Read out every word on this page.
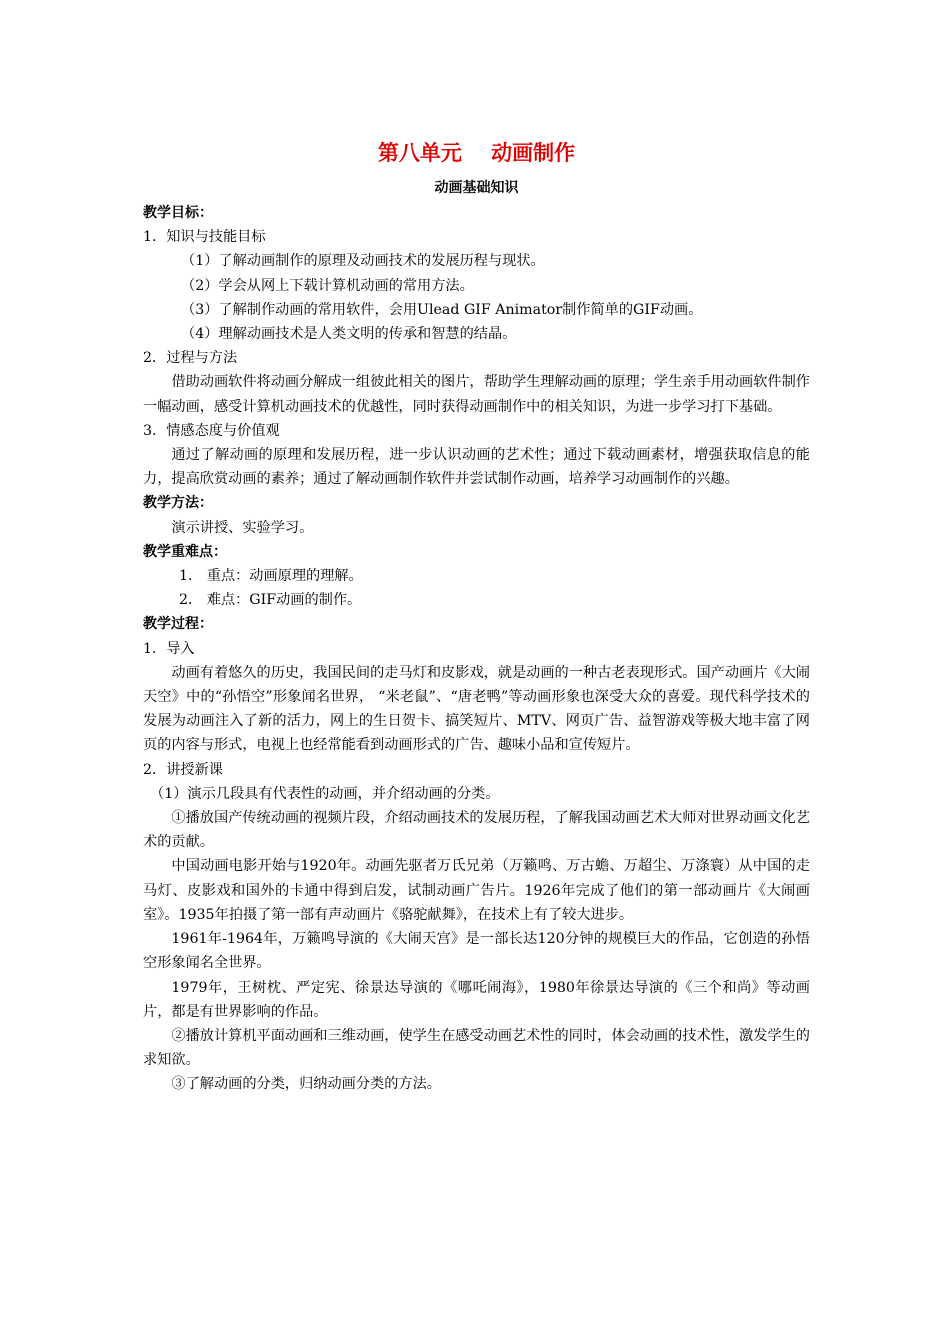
第八单元    动画制作
动画基础知识
教学目标：
1．知识与技能目标
（1）了解动画制作的原理及动画技术的发展历程与现状。
（2）学会从网上下载计算机动画的常用方法。
（3）了解制作动画的常用软件，会用Ulead GIF Animator制作简单的GIF动画。
（4）理解动画技术是人类文明的传承和智慧的结晶。
2．过程与方法
借助动画软件将动画分解成一组彼此相关的图片，帮助学生理解动画的原理；学生亲手用动画软件制作一幅动画，感受计算机动画技术的优越性，同时获得动画制作中的相关知识，为进一步学习打下基础。
3．情感态度与价值观
通过了解动画的原理和发展历程，进一步认识动画的艺术性；通过下载动画素材，增强获取信息的能力，提高欣赏动画的素养；通过了解动画制作软件并尝试制作动画，培养学习动画制作的兴趣。
教学方法：
演示讲授、实验学习。
教学重难点：
1． 重点：动画原理的理解。
2． 难点：GIF动画的制作。
教学过程：
1．导入
动画有着悠久的历史，我国民间的走马灯和皮影戏，就是动画的一种古老表现形式。国产动画片《大闹天空》中的“孙悟空”形象闻名世界， “米老鼠”、“唐老鸭”等动画形象也深受大众的喜爱。现代科学技术的发展为动画注入了新的活力，网上的生日贺卡、搞笑短片、MTV、网页广告、益智游戏等极大地丰富了网页的内容与形式，电视上也经常能看到动画形式的广告、趣味小品和宣传短片。
2．讲授新课
（1）演示几段具有代表性的动画，并介绍动画的分类。
①播放国产传统动画的视频片段，介绍动画技术的发展历程，了解我国动画艺术大师对世界动画文化艺术的贡献。
中国动画电影开始与1920年。动画先驱者万氏兄弟（万籁鸣、万古蟾、万超尘、万涤寰）从中国的走马灯、皮影戏和国外的卡通中得到启发，试制动画广告片。1926年完成了他们的第一部动画片《大闹画室》。1935年拍摄了第一部有声动画片《骆驼献舞》，在技术上有了较大进步。
1961年-1964年，万籁鸣导演的《大闹天宫》是一部长达120分钟的规模巨大的作品，它创造的孙悟空形象闻名全世界。
1979年，王树枕、严定宪、徐景达导演的《哪吒闹海》，1980年徐景达导演的《三个和尚》等动画片，都是有世界影响的作品。
②播放计算机平面动画和三维动画，使学生在感受动画艺术性的同时，体会动画的技术性，激发学生的求知欲。
③了解动画的分类，归纳动画分类的方法。
